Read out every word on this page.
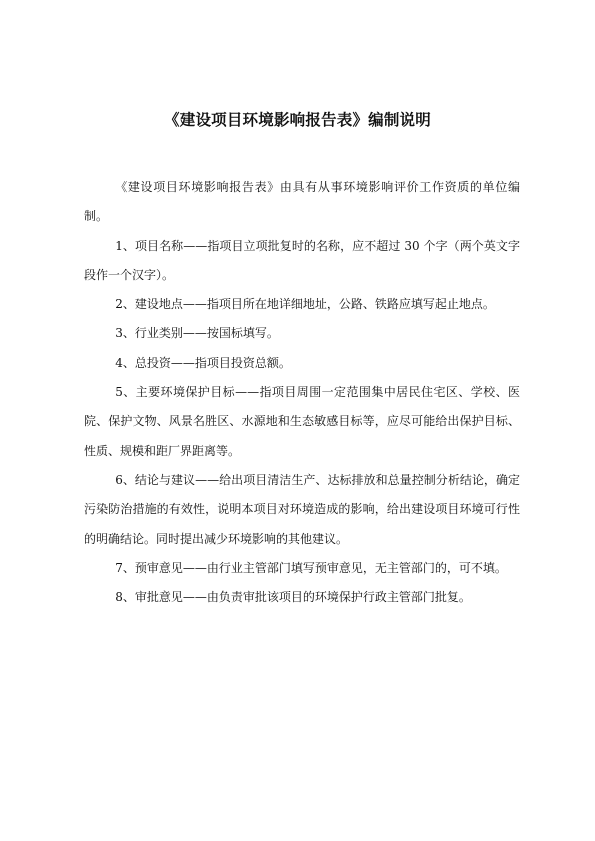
《建设项目环境影响报告表》编制说明

《建设项目环境影响报告表》由具有从事环境影响评价工作资质的单位编制。

1、项目名称——指项目立项批复时的名称，应不超过 30 个字（两个英文字段作一个汉字）。

2、建设地点——指项目所在地详细地址，公路、铁路应填写起止地点。

3、行业类别——按国标填写。

4、总投资——指项目投资总额。

5、主要环境保护目标——指项目周围一定范围集中居民住宅区、学校、医院、保护文物、风景名胜区、水源地和生态敏感目标等，应尽可能给出保护目标、性质、规模和距厂界距离等。

6、结论与建议——给出项目清洁生产、达标排放和总量控制分析结论，确定污染防治措施的有效性，说明本项目对环境造成的影响，给出建设项目环境可行性的明确结论。同时提出减少环境影响的其他建议。

7、预审意见——由行业主管部门填写预审意见，无主管部门的，可不填。

8、审批意见——由负责审批该项目的环境保护行政主管部门批复。
